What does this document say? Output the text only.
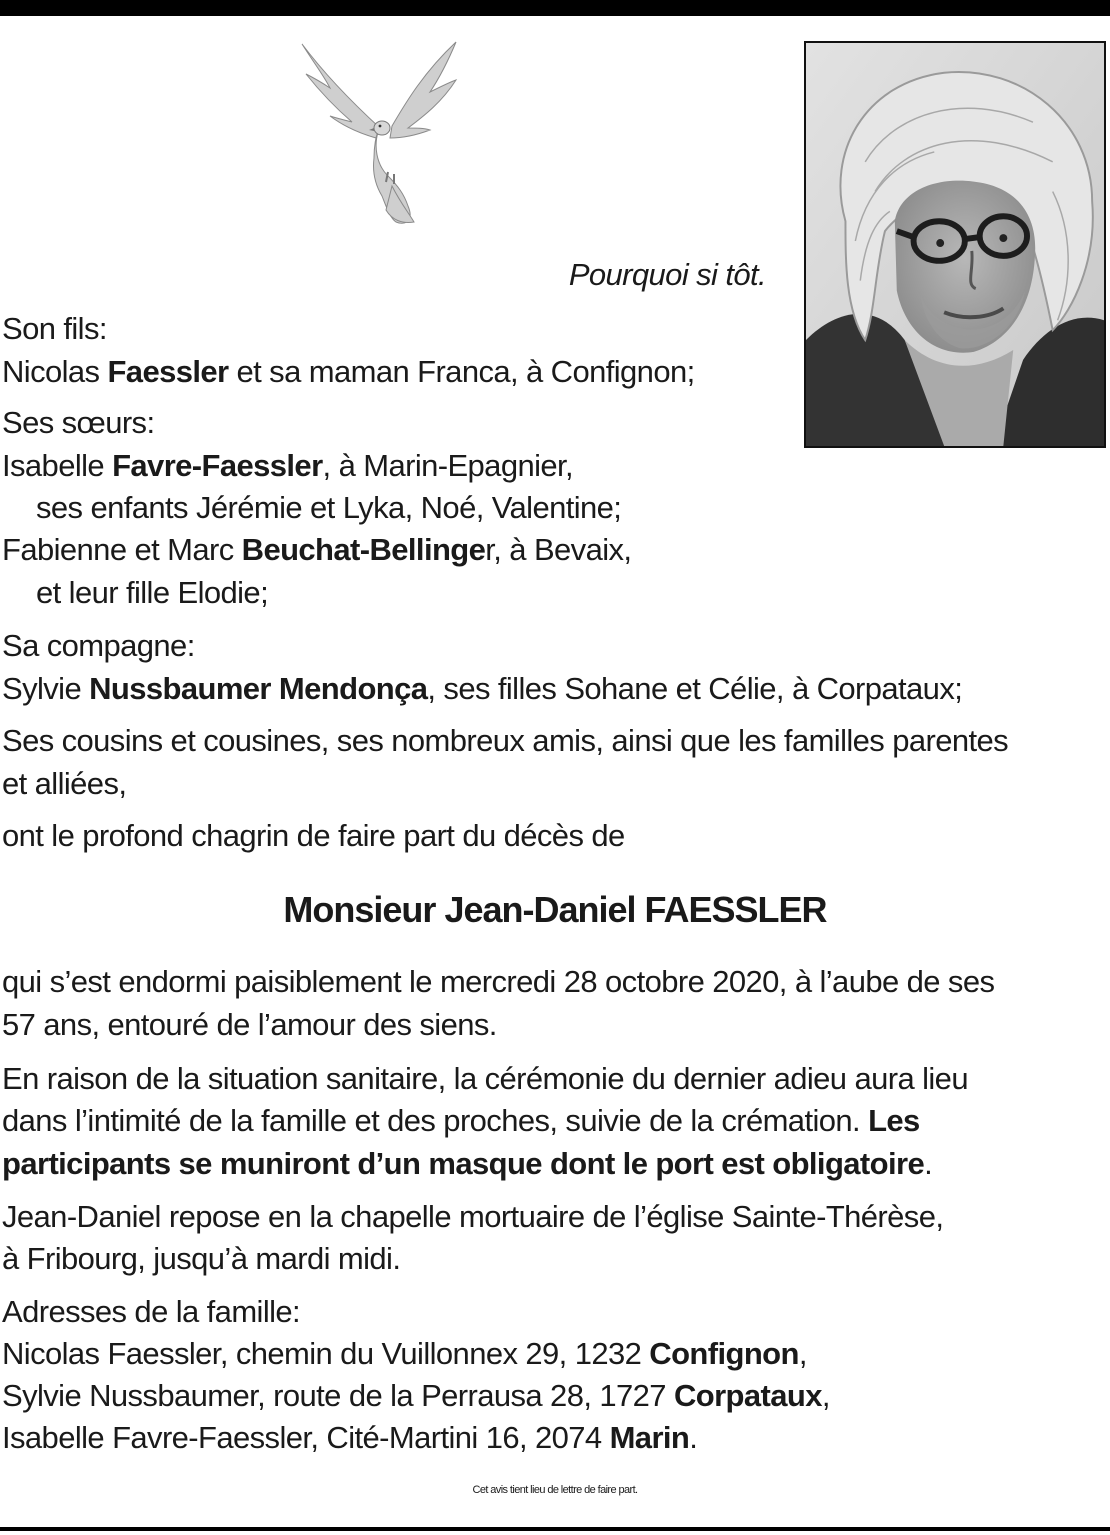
Pourquoi si tôt.
Son fils:
Nicolas Faessler et sa maman Franca, à Confignon;
Ses sœurs:
Isabelle Favre-Faessler, à Marin-Epagnier,
ses enfants Jérémie et Lyka, Noé, Valentine;
Fabienne et Marc Beuchat-Bellinger, à Bevaix,
et leur fille Elodie;
Sa compagne:
Sylvie Nussbaumer Mendonça, ses filles Sohane et Célie, à Corpataux;
Ses cousins et cousines, ses nombreux amis, ainsi que les familles parentes
et alliées,
ont le profond chagrin de faire part du décès de
Monsieur Jean-Daniel FAESSLER
qui s’est endormi paisiblement le mercredi 28 octobre 2020, à l’aube de ses
57 ans, entouré de l’amour des siens.
En raison de la situation sanitaire, la cérémonie du dernier adieu aura lieu
dans l’intimité de la famille et des proches, suivie de la crémation. Les
participants se muniront d’un masque dont le port est obligatoire.
Jean-Daniel repose en la chapelle mortuaire de l’église Sainte-Thérèse,
à Fribourg, jusqu’à mardi midi.
Adresses de la famille:
Nicolas Faessler, chemin du Vuillonnex 29, 1232 Confignon,
Sylvie Nussbaumer, route de la Perrausa 28, 1727 Corpataux,
Isabelle Favre-Faessler, Cité-Martini 16, 2074 Marin.
Cet avis tient lieu de lettre de faire part.
